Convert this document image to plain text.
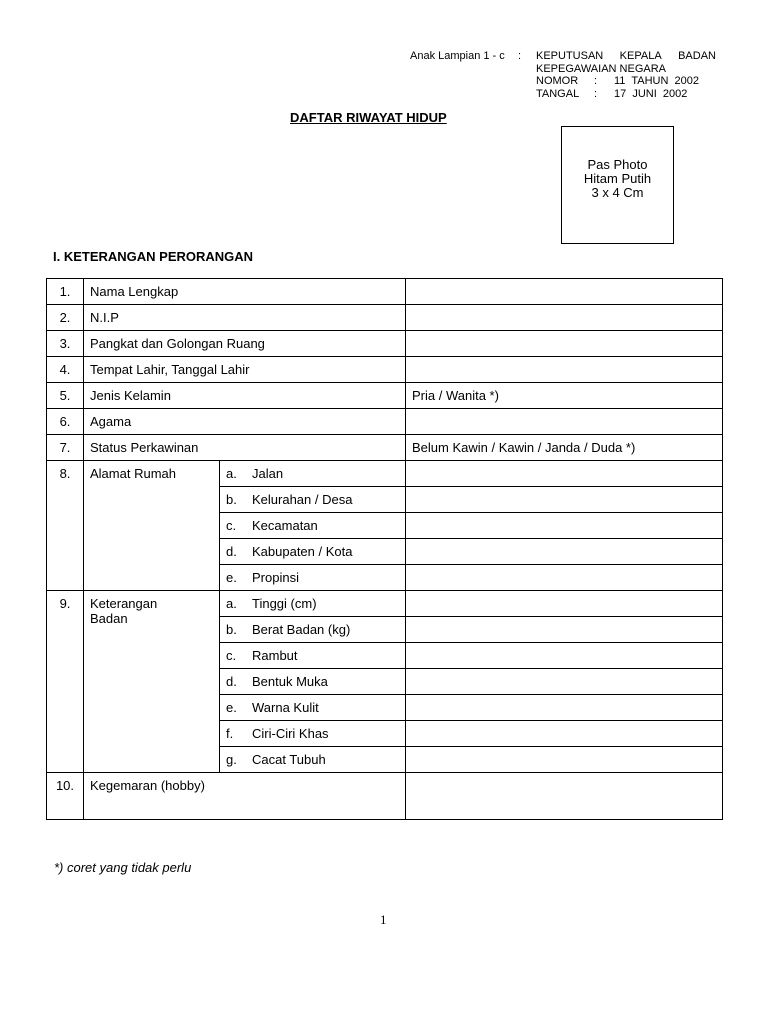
Anak Lampian 1 - c : KEPUTUSAN KEPALA BADAN
KEPEGAWAIAN NEGARA
NOMOR	:	11  TAHUN  2002
TANGAL	:	17  JUNI  2002
DAFTAR RIWAYAT HIDUP
Pas Photo
Hitam Putih
3 x 4 Cm
I. KETERANGAN PERORANGAN
1.	Nama Lengkap		
2.	N.I.P		
3.	Pangkat dan Golongan Ruang		
4.	Tempat Lahir, Tanggal Lahir		
5.	Jenis Kelamin		Pria / Wanita *)
6.	Agama		
7.	Status Perkawinan		Belum Kawin / Kawin / Janda / Duda *)
8.	Alamat Rumah	a. Jalan	
		b. Kelurahan / Desa	
		c. Kecamatan	
		d. Kabupaten / Kota	
		e. Propinsi	
9.	Keterangan
Badan	a. Tinggi (cm)	
		b. Berat Badan (kg)	
		c. Rambut	
		d. Bentuk Muka	
		e. Warna Kulit	
		f. Ciri-Ciri Khas	
		g. Cacat Tubuh	
10.	Kegemaran (hobby)		
*) coret yang tidak perlu
1
